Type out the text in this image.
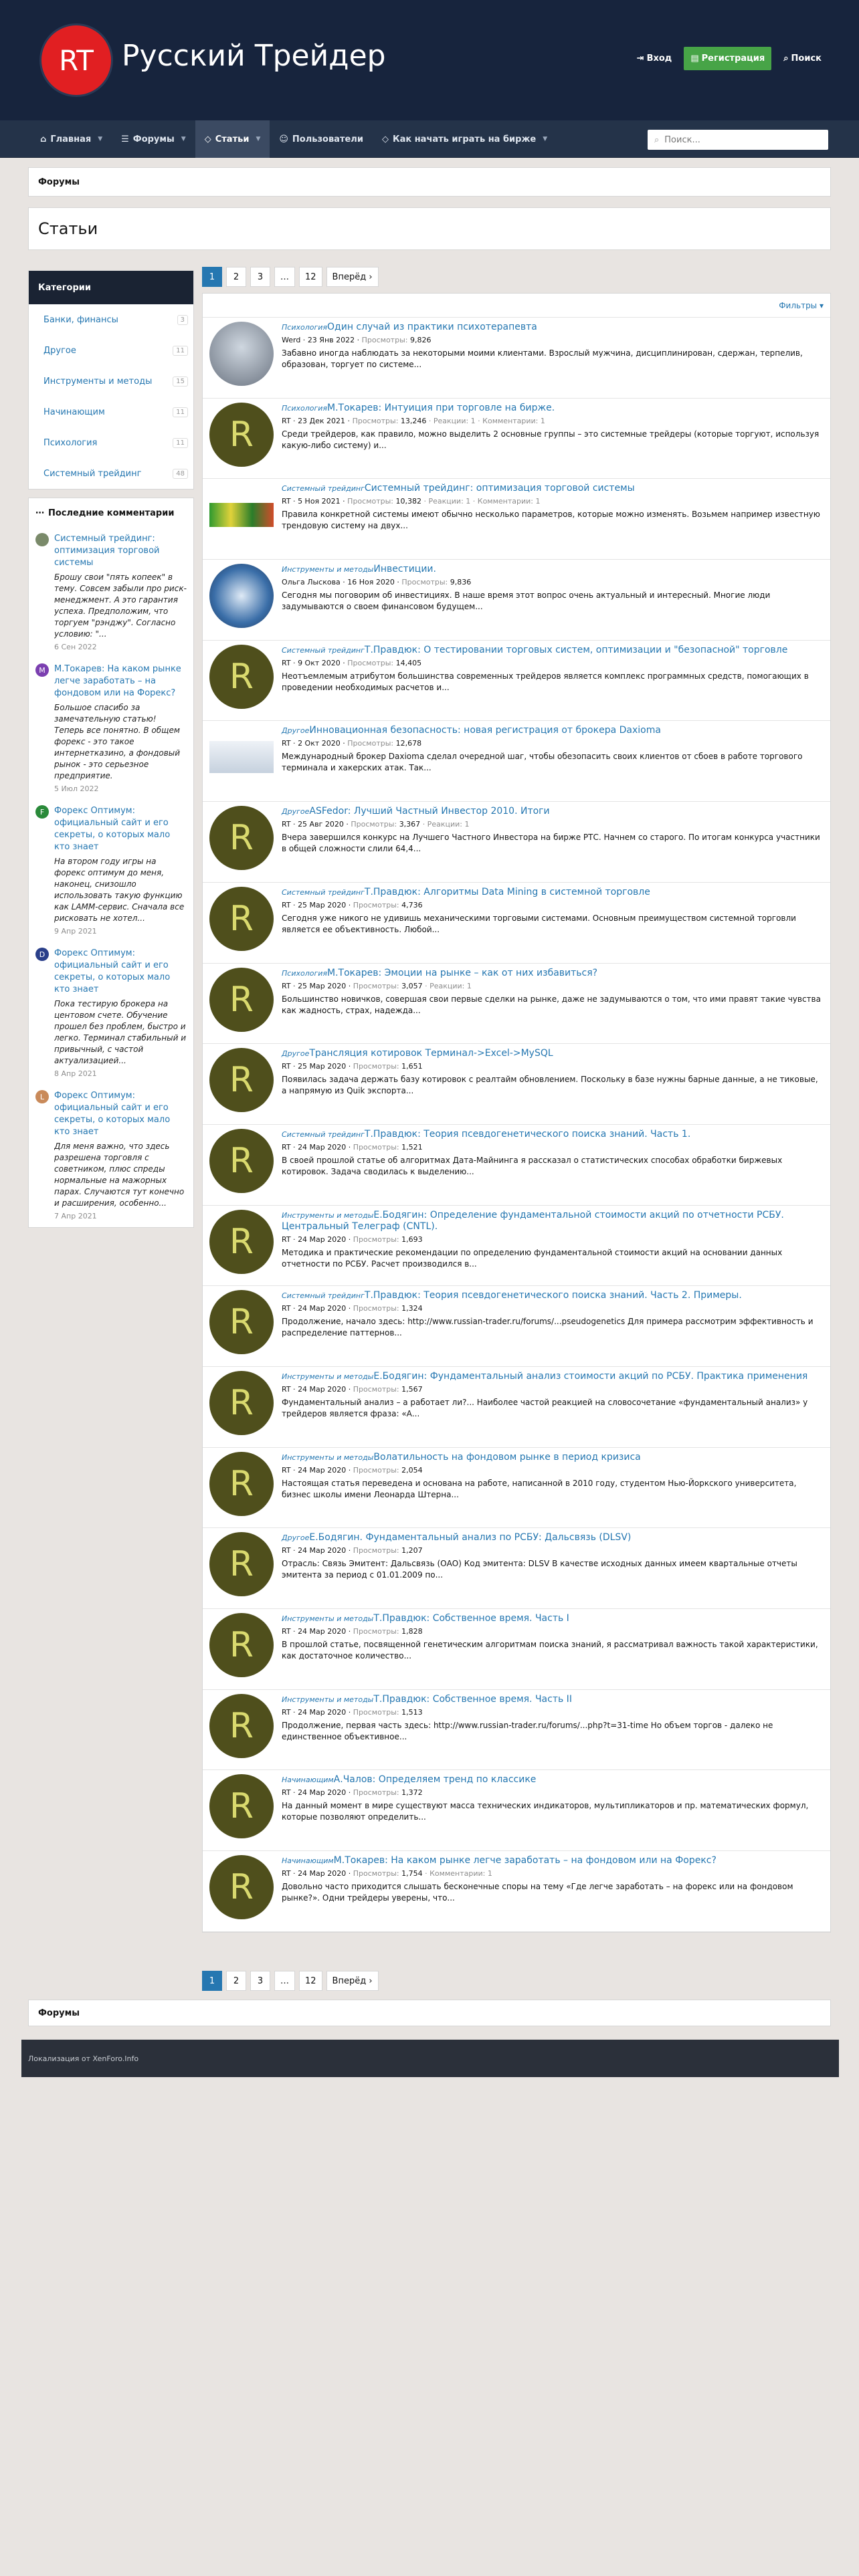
RT Русский Трейдер	⇥ Вход ▤ Регистрация ⌕ Поиск
⌂ Главная ▼ ☰ Форумы ▼ ◇ Статьи ▼ ☺ Пользователи ◇ Как начать играть на бирже ▼	⌕
Поиск...
Форумы
Статьи
Категории
Банки, финансы	3
Другое	11
Инструменты и методы	15
Начинающим	11
Психология	11
Системный трейдинг	48
⋯ Последние комментарии
Системный трейдинг: оптимизация торговой системы
Брошу свои "пять копеек" в тему. Совсем забыли про риск-менеджмент. А это гарантия успеха. Предположим, что торгуем "рэнджу". Согласно условию: "...
6 Сен 2022
М	М.Токарев: На каком рынке легче заработать – на фондовом или на Форекс?
Большое спасибо за замечательную статью! Теперь все понятно. В общем форекс - это такое интернетказино, а фондовый рынок - это серьезное предприятие.
5 Июл 2022
F	Форекс Оптимум: официальный сайт и его секреты, о которых мало кто знает
На втором году игры на форекс оптимум до меня, наконец, снизошло использовать такую функцию как LAMM-сервис. Сначала все рисковать не хотел...
9 Апр 2021
D	Форекс Оптимум: официальный сайт и его секреты, о которых мало кто знает
Пока тестирую брокера на центовом счете. Обучение прошел без проблем, быстро и легко. Терминал стабильный и привычный, с частой актуализацией...
8 Апр 2021
L	Форекс Оптимум: официальный сайт и его секреты, о которых мало кто знает
Для меня важно, что здесь разрешена торговля с советником, плюс спреды нормальные на мажорных парах. Случаются тут конечно и расширения, особенно...
7 Апр 2021
1	2	3	…	12	Вперёд ›
Фильтры ▾
ПсихологияОдин случай из практики психотерапевта
Werd · 23 Янв 2022 · Просмотры: 9,826
Забавно иногда наблюдать за некоторыми моими клиентами. Взрослый мужчина, дисциплинирован, сдержан, терпелив, образован, торгует по системе...
R
ПсихологияМ.Токарев: Интуиция при торговле на бирже.
RT · 23 Дек 2021 · Просмотры: 13,246 · Реакции: 1 · Комментарии: 1
Среди трейдеров, как правило, можно выделить 2 основные группы – это системные трейдеры (которые торгуют, используя какую-либо систему) и...
Системный трейдингСистемный трейдинг: оптимизация торговой системы
RT · 5 Ноя 2021 · Просмотры: 10,382 · Реакции: 1 · Комментарии: 1
Правила конкретной системы имеют обычно несколько параметров, которые можно изменять. Возьмем например известную трендовую систему на двух...
Инструменты и методыИнвестиции.
Ольга Лыскова · 16 Ноя 2020 · Просмотры: 9,836
Сегодня мы поговорим об инвестициях. В наше время этот вопрос очень актуальный и интересный. Многие люди задумываются о своем финансовом будущем...
R
Системный трейдингТ.Правдюк: О тестировании торговых систем, оптимизации и "безопасной" торговле
RT · 9 Окт 2020 · Просмотры: 14,405
Неотъемлемым атрибутом большинства современных трейдеров является комплекс программных средств, помогающих в проведении необходимых расчетов и...
ДругоеИнновационная безопасность: новая регистрация от брокера Daxioma
RT · 2 Окт 2020 · Просмотры: 12,678
Международный брокер Daxioma сделал очередной шаг, чтобы обезопасить своих клиентов от сбоев в работе торгового терминала и хакерских атак. Так...
R
ДругоеASFedor: Лучший Частный Инвестор 2010. Итоги
RT · 25 Авг 2020 · Просмотры: 3,367 · Реакции: 1
Вчера завершился конкурс на Лучшего Частного Инвестора на бирже РТС. Начнем со старого. По итогам конкурса участники в общей сложности слили 64,4...
R
Системный трейдингТ.Правдюк: Алгоритмы Data Mining в системной торговле
RT · 25 Мар 2020 · Просмотры: 4,736
Сегодня уже никого не удивишь механическими торговыми системами. Основным преимуществом системной торговли является ее объективность. Любой...
R
ПсихологияМ.Токарев: Эмоции на рынке – как от них избавиться?
RT · 25 Мар 2020 · Просмотры: 3,057 · Реакции: 1
Большинство новичков, совершая свои первые сделки на рынке, даже не задумываются о том, что ими правят такие чувства как жадность, страх, надежда...
R
ДругоеТрансляция котировок Терминал->Excel->MySQL
RT · 25 Мар 2020 · Просмотры: 1,651
Появилась задача держать базу котировок с реалтайм обновлением. Поскольку в базе нужны барные данные, а не тиковые, а напрямую из Quik экспорта...
R
Системный трейдингТ.Правдюк: Теория псевдогенетического поиска знаний. Часть 1.
RT · 24 Мар 2020 · Просмотры: 1,521
В своей прошлой статье об алгоритмах Дата-Майнинга я рассказал о статистических способах обработки биржевых котировок. Задача сводилась к выделению...
R
Инструменты и методыЕ.Бодягин: Определение фундаментальной стоимости акций по отчетности РСБУ. Центральный Телеграф (CNTL).
RT · 24 Мар 2020 · Просмотры: 1,693
Методика и практические рекомендации по определению фундаментальной стоимости акций на основании данных отчетности по РСБУ. Расчет производился в...
R
Системный трейдингТ.Правдюк: Теория псевдогенетического поиска знаний. Часть 2. Примеры.
RT · 24 Мар 2020 · Просмотры: 1,324
Продолжение, начало здесь: http://www.russian-trader.ru/forums/...pseudogenetics Для примера рассмотрим эффективность и распределение паттернов...
R
Инструменты и методыЕ.Бодягин: Фундаментальный анализ стоимости акций по РСБУ. Практика применения
RT · 24 Мар 2020 · Просмотры: 1,567
Фундаментальный анализ – а работает ли?... Наиболее частой реакцией на словосочетание «фундаментальный анализ» у трейдеров является фраза: «А...
R
Инструменты и методыВолатильность на фондовом рынке в период кризиса
RT · 24 Мар 2020 · Просмотры: 2,054
Настоящая статья переведена и основана на работе, написанной в 2010 году, студентом Нью-Йоркского университета, бизнес школы имени Леонарда Штерна...
R
ДругоеЕ.Бодягин. Фундаментальный анализ по РСБУ: Дальсвязь (DLSV)
RT · 24 Мар 2020 · Просмотры: 1,207
Отрасль: Связь Эмитент: Дальсвязь (ОАО) Код эмитента: DLSV В качестве исходных данных имеем квартальные отчеты эмитента за период с 01.01.2009 по...
R
Инструменты и методыТ.Правдюк: Собственное время. Часть I
RT · 24 Мар 2020 · Просмотры: 1,828
В прошлой статье, посвященной генетическим алгоритмам поиска знаний, я рассматривал важность такой характеристики, как достаточное количество...
R
Инструменты и методыТ.Правдюк: Собственное время. Часть II
RT · 24 Мар 2020 · Просмотры: 1,513
Продолжение, первая часть здесь: http://www.russian-trader.ru/forums/...php?t=31-time Но объем торгов - далеко не единственное объективное...
R
НачинающимА.Чалов: Определяем тренд по классике
RT · 24 Мар 2020 · Просмотры: 1,372
На данный момент в мире существуют масса технических индикаторов, мультипликаторов и пр. математических формул, которые позволяют определить...
R
НачинающимМ.Токарев: На каком рынке легче заработать – на фондовом или на Форекс?
RT · 24 Мар 2020 · Просмотры: 1,754 · Комментарии: 1
Довольно часто приходится слышать бесконечные споры на тему «Где легче заработать – на форекс или на фондовом рынке?». Одни трейдеры уверены, что...
1	2	3	…	12	Вперёд ›
Форумы
Локализация от XenForo.Info
